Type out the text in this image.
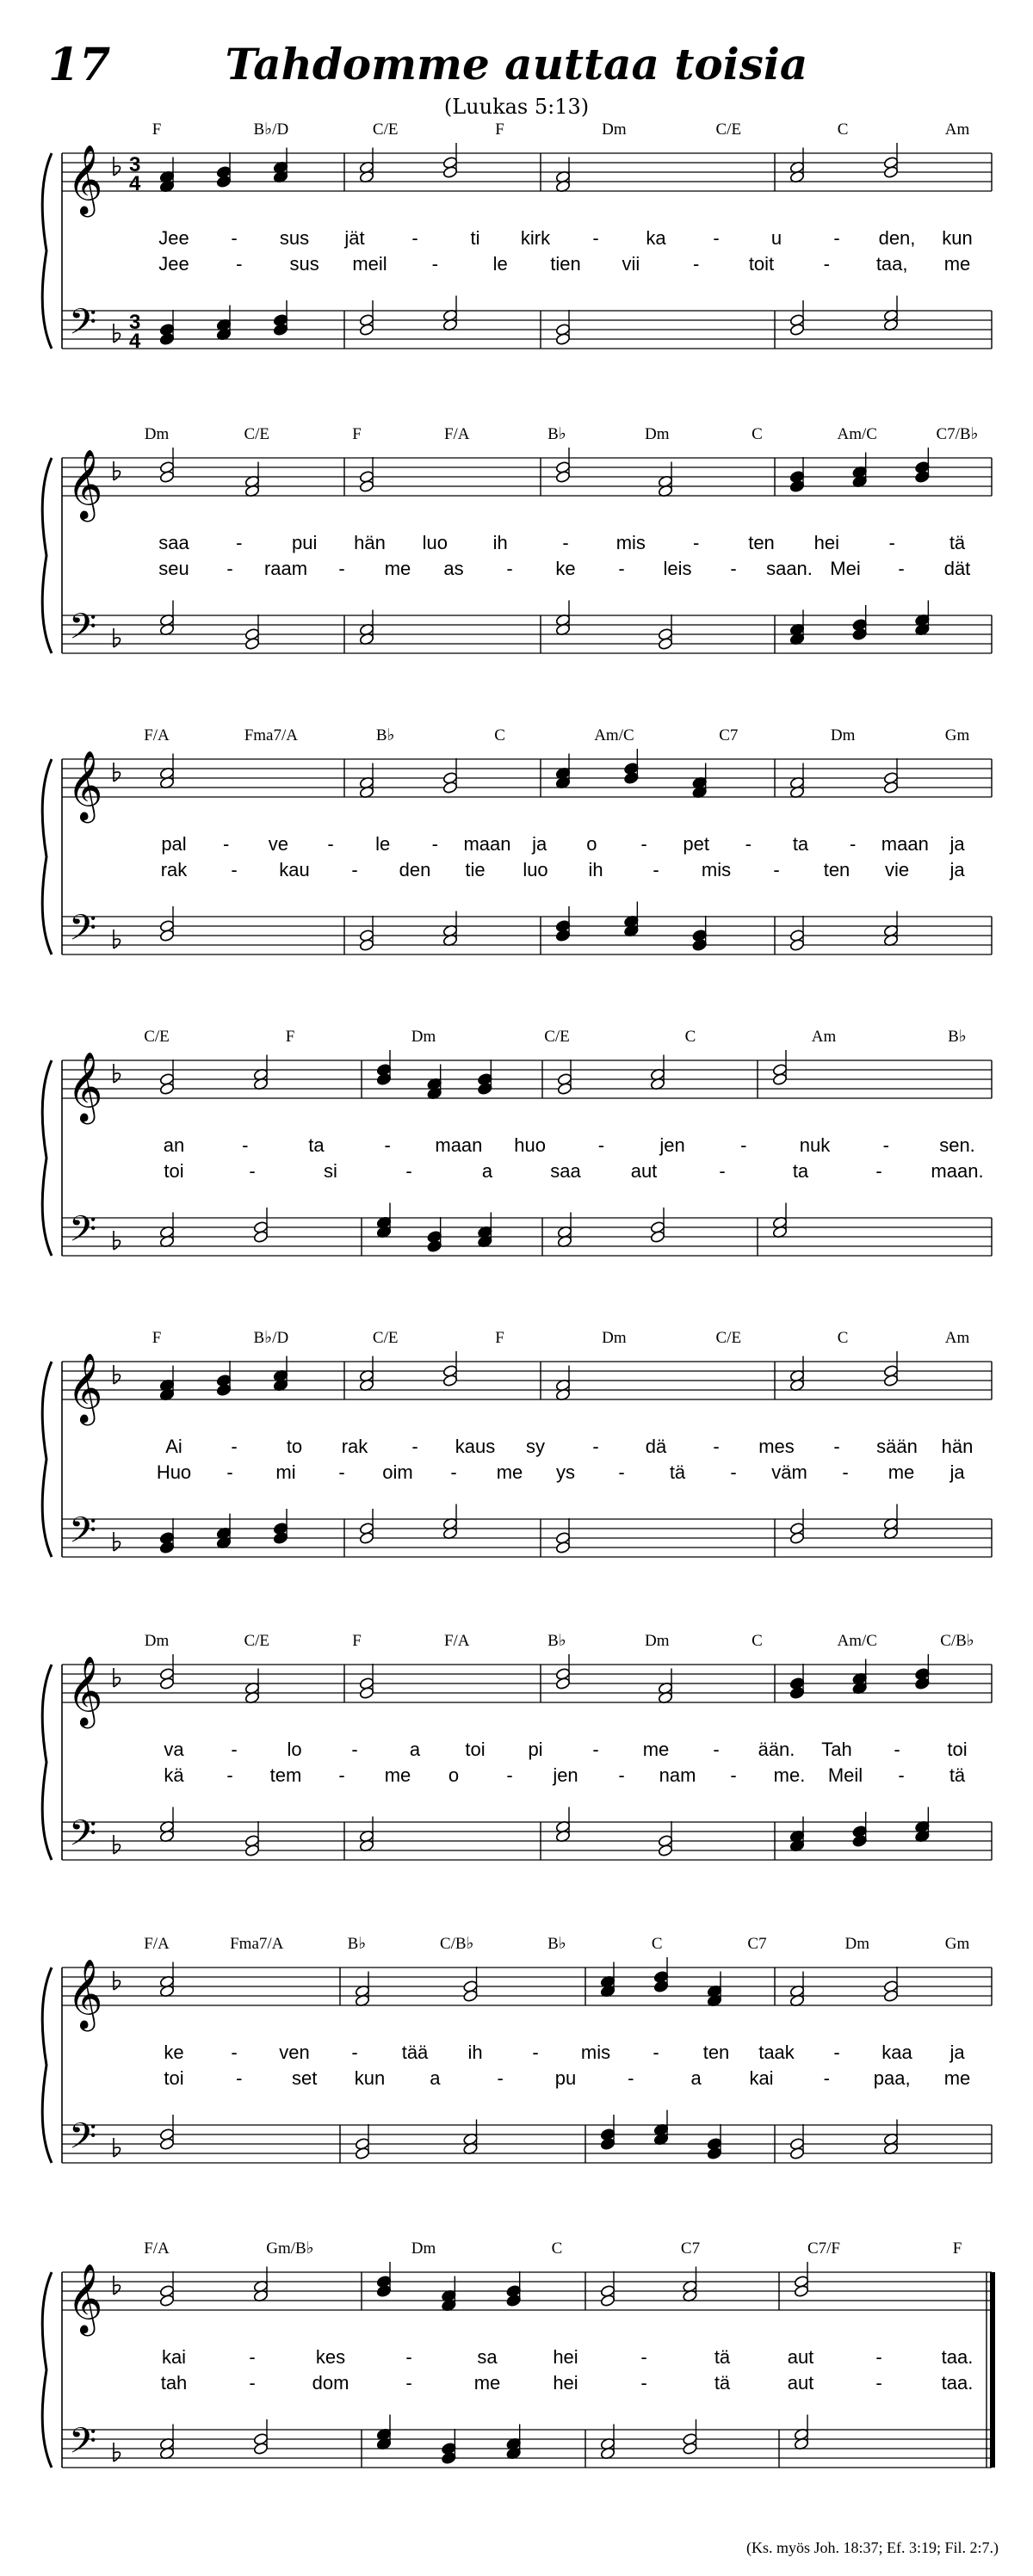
17	Tahdomme auttaa toisia
(Luukas 5:13)
F	B♭/D	C/E	F	Dm	C/E	C	Am
Jee - sus jät -	ti kirk - ka -	u	- den, kun
Jee -	sus meil -	le tien vii	-	toit	- taa, me
𝄞
𝄢
3
4
3
4
Dm	C/E	F	F/A	B♭	Dm	C	Am/C	C7/B♭
saa -	pui hän luo ih	-	mis	-	ten hei	-	tä
seu - raam - me as - ke - leis - saan. Mei - dät
𝄞
𝄢
F/A	Fma7/A	B♭	C	Am/C	C7	Dm	Gm
pal - ve - le - maan ja o - pet - ta - maan ja
rak - kau - den tie luo ih	- mis - ten vie ja
𝄞
𝄢
C/E	F	Dm	C/E	C	Am	B♭
an	-	ta	- maan huo	-	jen	-	nuk	-	sen.
toi	-	si	-	a	saa	aut	-	ta	-	maan.
𝄞
𝄢
F	B♭/D	C/E	F	Dm	C/E	C	Am
Ai	-	to rak - kaus sy	- dä - mes - sään hän
Huo - mi - oim - me ys - tä - väm - me ja
𝄞
𝄢
Dm	C/E	F	F/A	B♭	Dm	C	Am/C	C/B♭
va -	lo	-	a toi pi	- me - ään. Tah - toi
kä - tem - me o	- jen - nam - me. Meil - tä
𝄞
𝄢
F/A	Fma7/A	B♭	C/B♭	B♭	C	C7	Dm	Gm
ke - ven - tää ih	- mis - ten taak - kaa ja
toi	-	set kun a	-	pu	-	a	kai	- paa, me
𝄞
𝄢
F/A	Gm/B♭	Dm	C	C7	C7/F	F
kai	-	kes	-	sa	hei	-	tä	aut	-	taa.
tah	-	dom	-	me	hei	-	tä	aut	-	taa.
𝄞
𝄢
(Ks. myös Joh. 18:37; Ef. 3:19; Fil. 2:7.)
